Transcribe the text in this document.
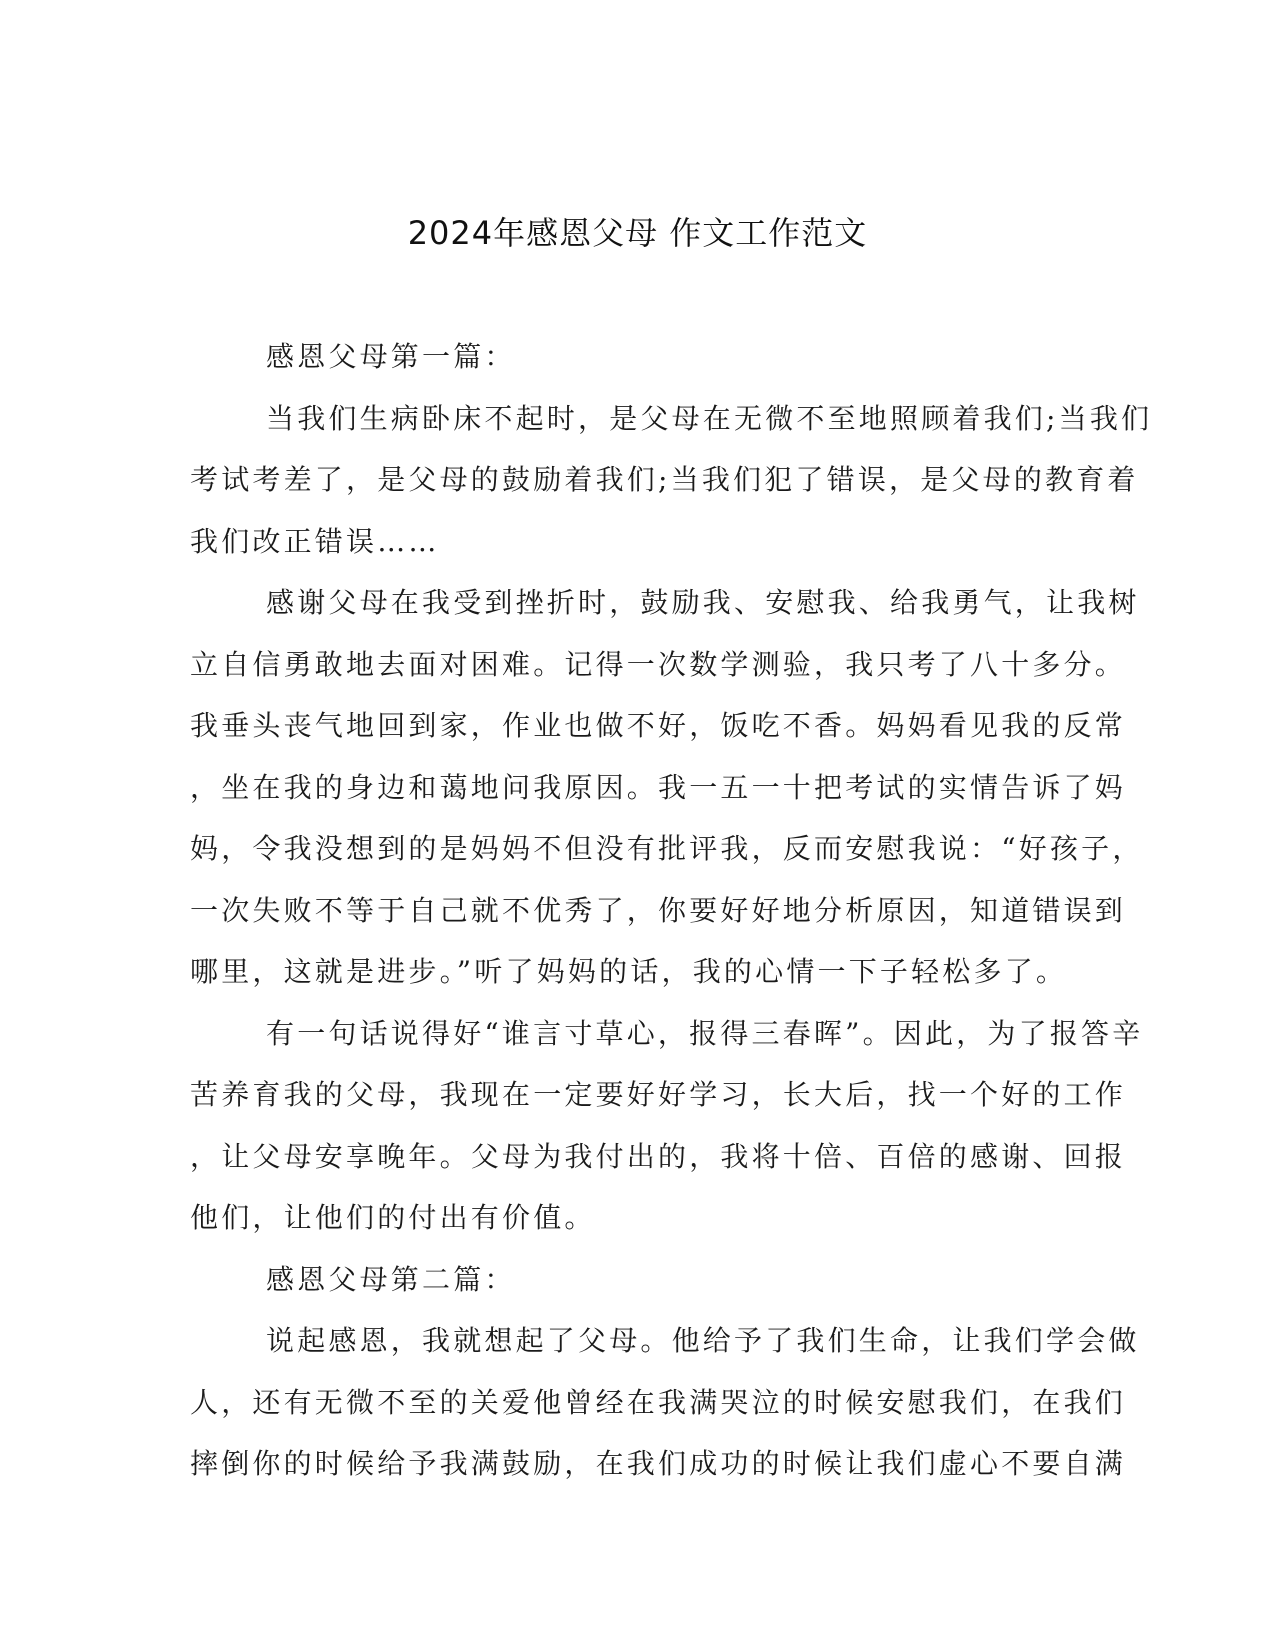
2024年感恩父母 作文工作范文
感恩父母第一篇：
当我们生病卧床不起时，是父母在无微不至地照顾着我们;当我们
考试考差了，是父母的鼓励着我们;当我们犯了错误，是父母的教育着
我们改正错误……
感谢父母在我受到挫折时，鼓励我、安慰我、给我勇气，让我树
立自信勇敢地去面对困难。记得一次数学测验，我只考了八十多分。
我垂头丧气地回到家，作业也做不好，饭吃不香。妈妈看见我的反常
，坐在我的身边和蔼地问我原因。我一五一十把考试的实情告诉了妈
妈，令我没想到的是妈妈不但没有批评我，反而安慰我说：“好孩子，
一次失败不等于自己就不优秀了，你要好好地分析原因，知道错误到
哪里，这就是进步。”听了妈妈的话，我的心情一下子轻松多了。
有一句话说得好“谁言寸草心，报得三春晖”。因此，为了报答辛
苦养育我的父母，我现在一定要好好学习，长大后，找一个好的工作
，让父母安享晚年。父母为我付出的，我将十倍、百倍的感谢、回报
他们，让他们的付出有价值。
感恩父母第二篇：
说起感恩，我就想起了父母。他给予了我们生命，让我们学会做
人，还有无微不至的关爱他曾经在我满哭泣的时候安慰我们，在我们
摔倒你的时候给予我满鼓励，在我们成功的时候让我们虚心不要自满
